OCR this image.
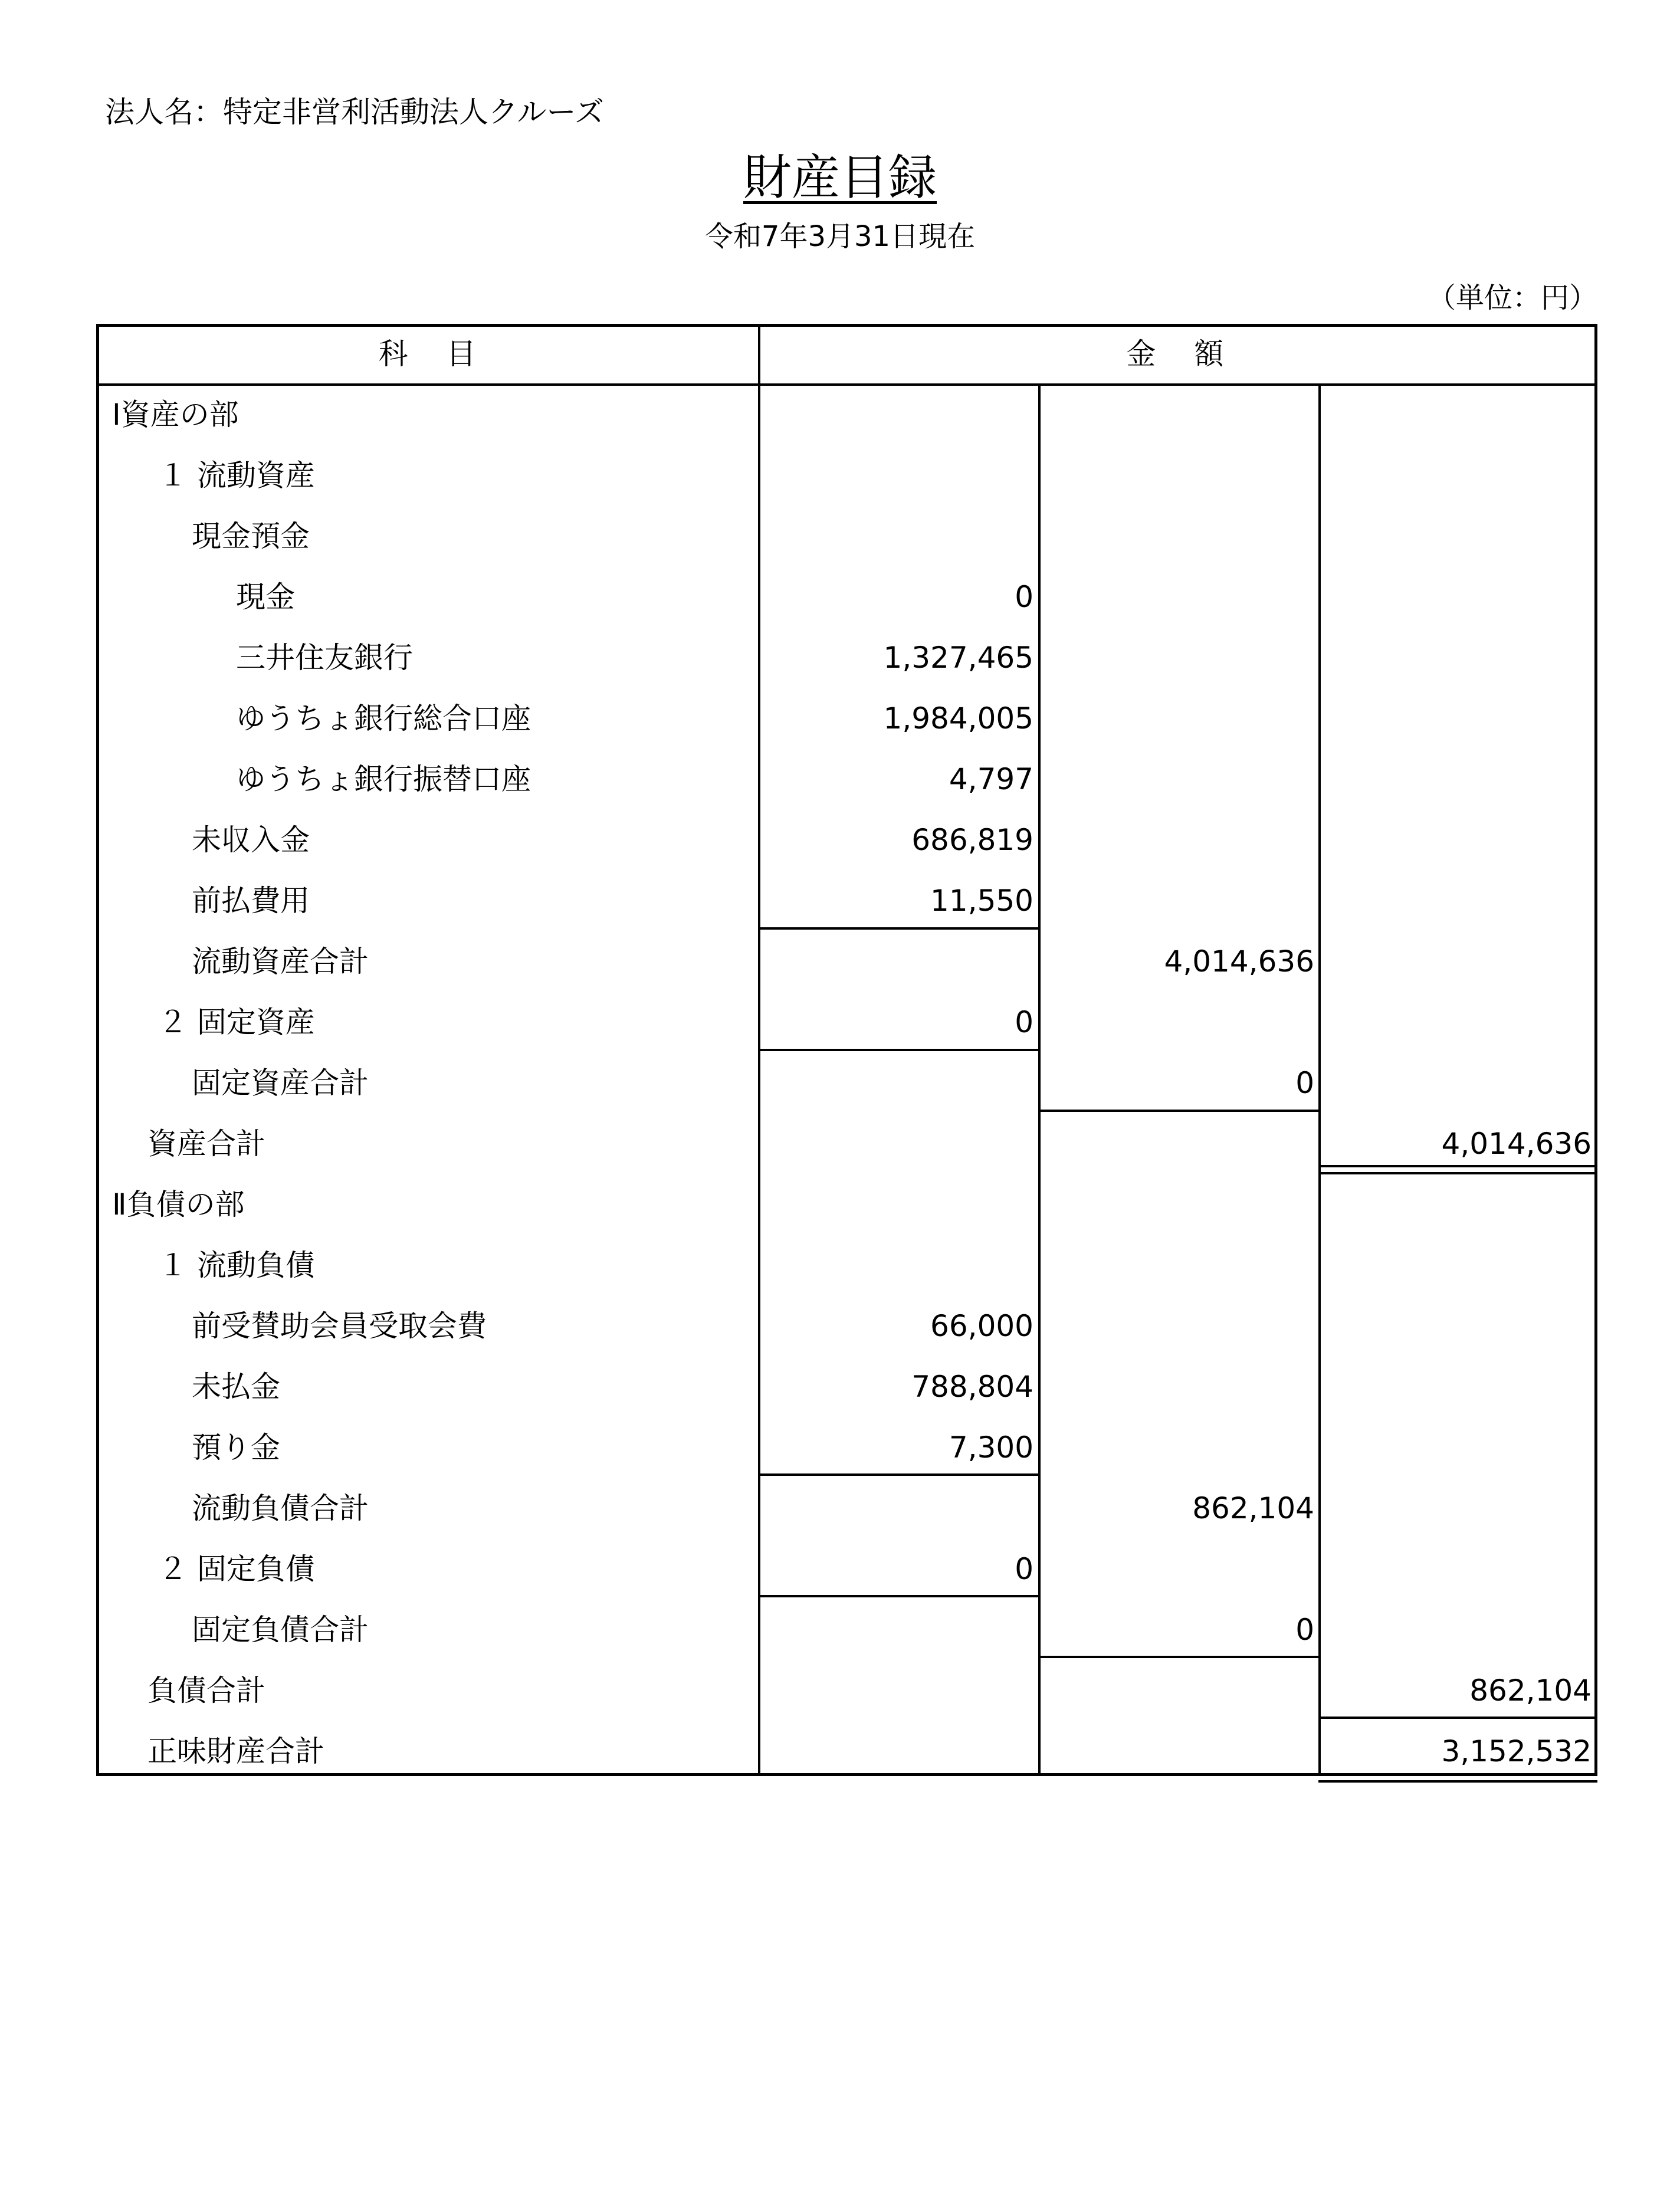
法人名：特定非営利活動法人クルーズ
財産目録
令和7年3月31日現在
（単位：円）
科　目	金　額
Ⅰ資産の部
１ 流動資産
現金預金
現金	0
三井住友銀行	1,327,465
ゆうちょ銀行総合口座	1,984,005
ゆうちょ銀行振替口座	4,797
未収入金	686,819
前払費用	11,550
流動資産合計	4,014,636
２ 固定資産	0
固定資産合計	0
資産合計	4,014,636
Ⅱ負債の部
１ 流動負債
前受賛助会員受取会費	66,000
未払金	788,804
預り金	7,300
流動負債合計	862,104
２ 固定負債	0
固定負債合計	0
負債合計	862,104
正味財産合計	3,152,532
